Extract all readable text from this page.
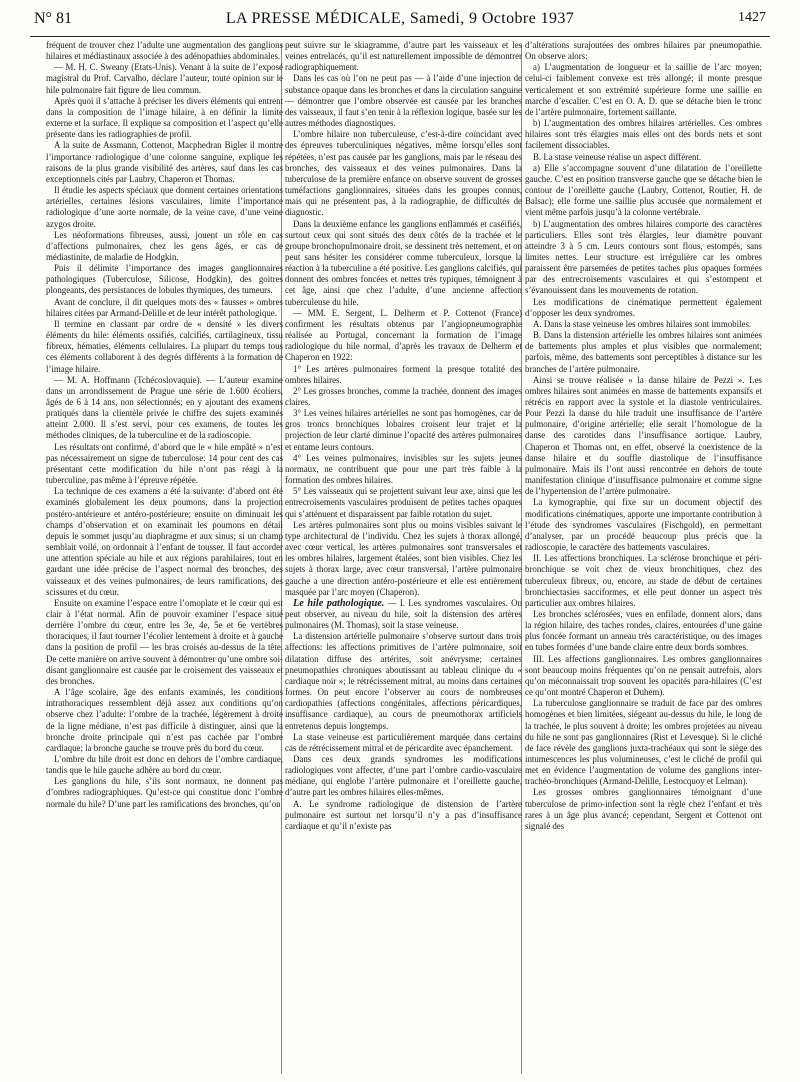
N° 81	LA PRESSE MÉDICALE, Samedi, 9 Octobre 1937	1427

fréquent de trouver chez l’adulte une augmentation des ganglions hilaires et médiastinaux associée à des adénopathies abdominales.

— M. H. C. Sweany (Etats-Unis). Venant à la suite de l’exposé magistral du Prof. Carvalho, déclare l’auteur, toute opinion sur le hile pulmonaire fait figure de lieu commun.

Après quoi il s’attache à préciser les divers éléments qui entrent dans la composition de l’image hilaire, à en définir la limite externe et la surface. Il explique sa composition et l’aspect qu’elle présente dans les radiographies de profil.

A la suite de Assmann, Cottenot, Macphedran Bigler il montre l’importance radiologique d’une colonne sanguine, explique les raisons de la plus grande visibilité des artères, sauf dans les cas exceptionnels cités par Laubry, Chaperon et Thomas.

Il étudie les aspects spéciaux que donnent certaines orientations artérielles, certaines lésions vasculaires, limite l’importance radiologique d’une aorte normale, de la veine cave, d’une veine azygos droite.

Les néoformations fibreuses, aussi, jouent un rôle en cas d’affections pulmonaires, chez les gens âgés, er cas de médiastinite, de maladie de Hodgkin.

Puis il délimite l’importance des images ganglionnaires pathologiques (Tuberculose, Silicose, Hodgkin), des goitres plongeants, des persistances de lobules thymiques, des tumeurs.

Avant de conclure, il dit quelques mots des « fausses » ombres hilaires citées par Armand-Delille et de leur intérêt pathologique.

Il termine en classant par ordre de « densité » les divers éléments du hile: éléments ossifiés, calcifiés, cartilagineux, tissu fibreux, hématies, éléments cellulaires. La plupart du temps tous ces éléments collaborent à des degrés différents à la formation de l’image hilaire.

— M. A. Hoffmann (Tchécoslovaquie). — L’auteur examine dans un arrondissement de Prague une série de 1.600 écoliers, âgés de 6 à 14 ans, non sélectionnés; en y ajoutant des examens pratiqués dans la clientèle privée le chiffre des sujets examinés atteint 2.000. Il s’est servi, pour ces examens, de toutes les méthodes cliniques, de la tuberculine et de la radioscopie.

Les résultats ont confirmé, d’abord que le « hile empâté » n’est pas nécessairement un signe de tuberculose: 14 pour cent des cas présentant cette modification du hile n’ont pas réagi à la tuberculine, pas même à l’épreuve répétée.

La technique de ces examens a été la suivante: d’abord ont été examinés globalement les deux poumons, dans la projection postéro-antérieure et antéro-postérieure; ensuite on diminuait les champs d’observation et on examinait les poumons en détail depuis le sommet jusqu’au diaphragme et aux sinus; si un champ semblait voilé, on ordonnait à l’enfant de tousser. Il faut accorder une attention spéciale au hile et aux régions parahilaires, tout en gardant une idée précise de l’aspect normal des bronches, des vaisseaux et des veines pulmonaires, de leurs ramifications, des scissures et du cœur.

Ensuite on examine l’espace entre l’omoplate et le cœur qui est clair à l’état normal. Afin de pouvoir examiner l’espace situé derrière l’ombre du cœur, entre les 3e, 4e, 5e et 6e vertèbres thoraciques, il faut tourner l’écolier lentement à droite et à gauche dans la position de profil — les bras croisés au-dessus de la tête. De cette manière on arrive souvent à démontrer qu’une ombre soi-disant ganglionnaire est causée par le croisement des vaisseaux et des bronches.

A l’âge scolaire, âge des enfants examinés, les conditions intrathoraciques ressemblent déjà assez aux conditions qu’on observe chez l’adulte: l’ombre de la trachée, légèrement à droite de la ligne médiane, n’est pas difficile à distinguer, ainsi que la bronche droite principale qui n’est pas cachée par l’ombre cardiaque; la bronche gauche se trouve près du bord du cœur.

L’ombre du hile droit est donc en dehors de l’ombre cardiaque, tandis que le hile gauche adhère au bord du cœur.

Les ganglions du hile, s’ils sont normaux, ne donnent pas d’ombres radiographiques. Qu’est-ce qui constitue donc l’ombre normale du hile? D’une part les ramifications des bronches, qu’on

peut suivre sur le skiagramme, d’autre part les vaisseaux et les veines entrelacés, qu’il est naturellement impossible de démontrer radiographiquement.

Dans les cas où l’on ne peut pas — à l’aide d’une injection de substance opaque dans les bronches et dans la circulation sanguine — démontrer que l’ombre observée est causée par les branches des vaisseaux, il faut s’en tenir à la réflexion logique, basée sur les autres méthodes diagnostiques.

L’ombre hilaire non tuberculeuse, c’est-à-dire coïncidant avec des épreuves tuberculiniques négatives, même lorsqu’elles sont répétées, n’est pas causée par les ganglions, mais par le réseau des bronches, des vaisseaux et des veines pulmonaires. Dans la tuberculose de la première enfance on observe souvent de grosses tuméfactions ganglionnaires, situées dans les groupes connus, mais qui ne présentent pas, à la radiographie, de difficultés de diagnostic.

Dans la deuxième enfance les ganglions enflammés et caséifiés, surtout ceux qui sont situés des deux côtés de la trachée et le groupe bronchopulmonaire droit, se dessinent très nettement, et on peut sans hésiter les considérer comme tuberculeux, lorsque la réaction à la tuberculine a été positive. Les ganglions calcifiés, qui donnent des ombres foncées et nettes très typiques, témoignent à cet âge, ainsi que chez l’adulte, d’une ancienne affection tuberculeuse du hile.

— MM. E. Sergent, L. Delherm et P. Cottenot (France) confirment les résultats obtenus par l’angiopneumographie réalisée au Portugal, concernant la formation de l’image radiologique du hile normal, d’après les travaux de Delherm et Chaperon en 1922:

1° Les artères pulmonaires forment la presque totalité des ombres hilaires.

2° Les grosses bronches, comme la trachée, donnent des images claires.

3° Les veines hilaires artérielles ne sont pas homogènes, car de gros troncs bronchiques lobaires croisent leur trajet et la projection de leur clarté diminue l’opacité des artères pulmonaires et entame leurs contours.

4° Les veines pulmonaires, invisibles sur les sujets jeunes normaux, ne contribuent que pour une part très faible à la formation des ombres hilaires.

5° Les vaisseaux qui se projettent suivant leur axe, ainsi que les entrecroisements vasculaires produisent de petites taches opaques qui s’atténuent et disparaissent par faible rotation du sujet.

Les artères pulmonaires sont plus ou moins visibles suivant le type architectural de l’individu. Chez les sujets à thorax allongé, avec cœur vertical, les artères pulmonaires sont transversales et les ombres hilaires, largement étalées, sont bien visibles. Chez les sujets à thorax large, avec cœur transversal, l’artère pulmonaire gauche a une direction antéro-postérieure et elle est entièrement masquée par l’arc moyen (Chaperon).

Le hile pathologique. — I. Les syndromes vasculaires. On peut observer, au niveau du hile, soit la distension des artères pulmonaires (M. Thomas), soit la stase veineuse.

La distension artérielle pulmonaire s’observe surtout dans trois affections: les affections primitives de l’artère pulmonaire, soit dilatation diffuse des artérites, soit anévrysme; certaines pneumopathies chroniques aboutissant au tableau clinique du « cardiaque noir »; le rétrécissement mitral, au moins dans certaines formes. On peut encore l’observer au cours de nombreuses cardiopathies (affections congénitales, affections péricardiques, insuffisance cardiaque), au cours de pneumothorax artificiels entretenus depuis longtemps.

La stase veineuse est particulièrement marquée dans certains cas de rétrécissement mitral et de péricardite avec épanchement.

Dans ces deux grands syndromes les modifications radiologiques vont affecter, d’une part l’ombre cardio-vasculaire médiane, qui englobe l’artère pulmonaire et l’oreillette gauche, d’autre part les ombres hilaires elles-mêmes.

A. Le syndrome radiologique de distension de l’artère pulmonaire est surtout net lorsqu’il n’y a pas d’insuffisance cardiaque et qu’il n’existe pas

d’altérations surajoutées des ombres hilaires par pneumopathie. On observe alors:

a) L’augmentation de longueur et la saillie de l’arc moyen; celui-ci faiblement convexe est très allongé; il monte presque verticalement et son extrémité supérieure forme une saillie en marche d’escalier. C’est en O. A. D. que se détache bien le tronc de l’artère pulmonaire, fortement saillante.

b) L’augmentation des ombres hilaires artérielles. Ces ombres hilaires sont très élargies mais elles ont des bords nets et sont facilement dissociables.

B. La stase veineuse réalise un aspect différent.

a) Elle s’accompagne souvent d’une dilatation de l’oreillette gauche. C’est en position transverse gauche que se détache bien le contour de l’oreillette gauche (Laubry, Cottenot, Routier, H. de Balsac); elle forme une saillie plus accusée que normalement et vient même parfois jusqu’à la colonne vertébrale.

b) L’augmentation des ombres hilaires comporte des caractères particuliers. Elles sont très élargies, leur diamètre pouvant atteindre 3 à 5 cm. Leurs contours sont flous, estompés, sans limites nettes. Leur structure est irrégulière car les ombres paraissent être parsemées de petites taches plus opaques formées par des entrecroisements vasculaires et qui s’estompent et s’évanouissent dans les mouvements de rotation.

Les modifications de cinématique permettent également d’opposer les deux syndromes.

A. Dans la stase veineuse les ombres hilaires sont immobiles.

B. Dans la distension artérielle les ombres hilaires sont animées de battements plus amples et plus visibles que normalement; parfois, même, des battements sont perceptibles à distance sur les branches de l’artère pulmonaire.

Ainsi se trouve réalisée « la danse hilaire de Pezzi ». Les ombres hilaires sont animées en masse de battements expansifs et rétrécis en rapport avec la systole et la diastole ventriculaires. Pour Pezzi la danse du hile traduit une insuffisance de l’artère pulmonaire, d’origine artérielle; elle serait l’homologue de la danse des carotides dans l’insuffisance aortique. Laubry, Chaperon et Thomas ont, en effet, observé la coexistence de la danse hilaire et du souffle diastolique de l’insuffisance pulmonaire. Mais ils l’ont aussi rencontrée en dehors de toute manifestation clinique d’insuffisance pulmonaire et comme signe de l’hypertension de l’artère pulmonaire.

La kymographie, qui fixe sur un document objectif des modifications cinématiques, apporte une importante contribution à l’étude des syndromes vasculaires (Fischgold), en permettant d’analyser, par un procédé beaucoup plus précis que la radioscopie, le caractère des battements vasculaires.

II. Les affections bronchiques. La sclérose bronchique et péri-bronchique se voit chez de vieux bronchitiques, chez des tuberculeux fibreux, ou, encore, au stade de début de certaines bronchiectasies sacciformes, et elle peut donner un aspect très particulier aux ombres hilaires.

Les bronches sclérosées, vues en enfilade, donnent alors, dans la région hilaire, des taches rondes, claires, entourées d’une gaine plus foncée formant un anneau très caractéristique, ou des images en tubes formées d’une bande claire entre deux bords sombres.

III. Les affections ganglionnaires. Les ombres ganglionnaires sont beaucoup moins fréquentes qu’on ne pensait autrefois, alors qu’on méconnaissait trop souvent les opacités para-hilaires (C’est ce qu’ont montré Chaperon et Duhem).

La tuberculose ganglionnaire se traduit de face par des ombres homogènes et bien limitées, siégeant au-dessus du hile, le long de la trachée, le plus souvent à droite; les ombres projetées au niveau du hile ne sont pas ganglionnaires (Rist et Levesque). Si le cliché de face révèle des ganglions juxta-trachéaux qui sont le siège des intumescences les plus volumineuses, c’est le cliché de profil qui met en évidence l’augmentation de volume des ganglions inter-trachéo-bronchiques (Armand-Delille, Lestocquoy et Lelman).

Les grosses ombres ganglionnaires témoignant d’une tuberculose de primo-infection sont la règle chez l’enfant et très rares à un âge plus avancé; cependant, Sergent et Cottenot ont signalé des
